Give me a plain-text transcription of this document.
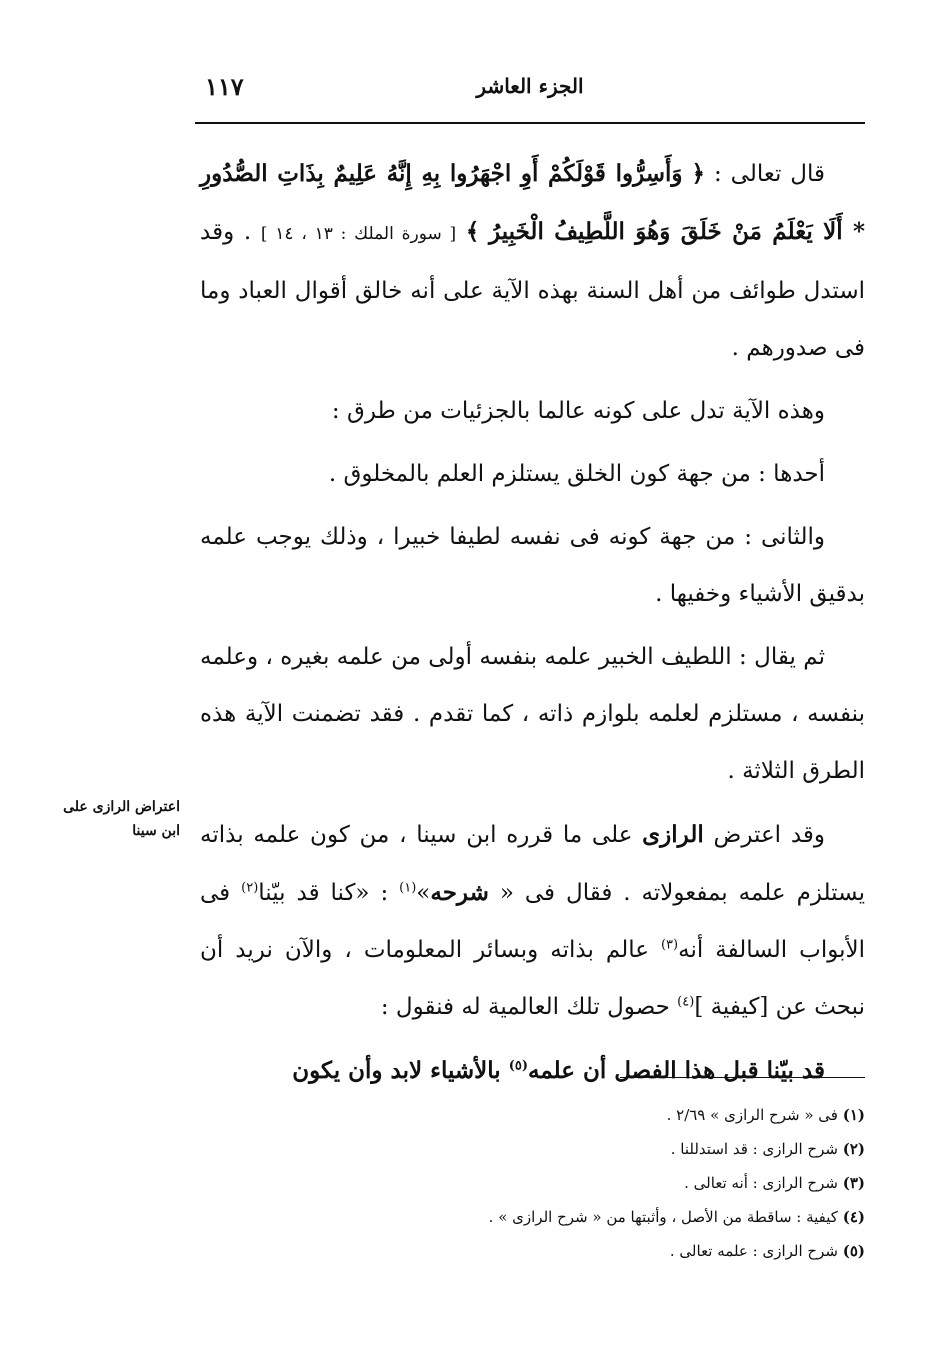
الجزء العاشر
١١٧

قال تعالى : ﴿ وَأَسِرُّوا قَوْلَكُمْ أَوِ اجْهَرُوا بِهِ إِنَّهُ عَلِيمٌ بِذَاتِ الصُّدُورِ * أَلَا يَعْلَمُ مَنْ خَلَقَ وَهُوَ اللَّطِيفُ الْخَبِيرُ ﴾ [ سورة الملك : ١٣ ، ١٤ ] . وقد استدل طوائف من أهل السنة بهذه الآية على أنه خالق أقوال العباد وما فى صدورهم .

وهذه الآية تدل على كونه عالما بالجزئيات من طرق :

أحدها : من جهة كون الخلق يستلزم العلم بالمخلوق .

والثانى : من جهة كونه فى نفسه لطيفا خبيرا ، وذلك يوجب علمه بدقيق الأشياء وخفيها .

ثم يقال : اللطيف الخبير علمه بنفسه أولى من علمه بغيره ، وعلمه بنفسه ، مستلزم لعلمه بلوازم ذاته ، كما تقدم . فقد تضمنت الآية هذه الطرق الثلاثة .

وقد اعترض الرازى على ما قرره ابن سينا ، من كون علمه بذاته يستلزم علمه بمفعولاته . فقال فى « شرحه»$^{(١)}$ : «كنا قد بيّنا$^{(٢)}$ فى الأبواب السالفة أنه$^{(٣)}$ عالم بذاته وبسائر المعلومات ، والآن نريد أن نبحث عن [كيفية ]$^{(٤)}$ حصول تلك العالمية له فنقول :

قد بيّنا قبل هذا الفصل أن علمه$^{(٥)}$ بالأشياء لابد وأن يكون

اعتراض الرازى على
ابن سينا

(١) فى « شرح الرازى » ٢/٦٩ .

(٢) شرح الرازى : قد استدللنا .

(٣) شرح الرازى : أنه تعالى .

(٤) كيفية : ساقطة من الأصل ، وأثبتها من « شرح الرازى » .

(٥) شرح الرازى : علمه تعالى .
